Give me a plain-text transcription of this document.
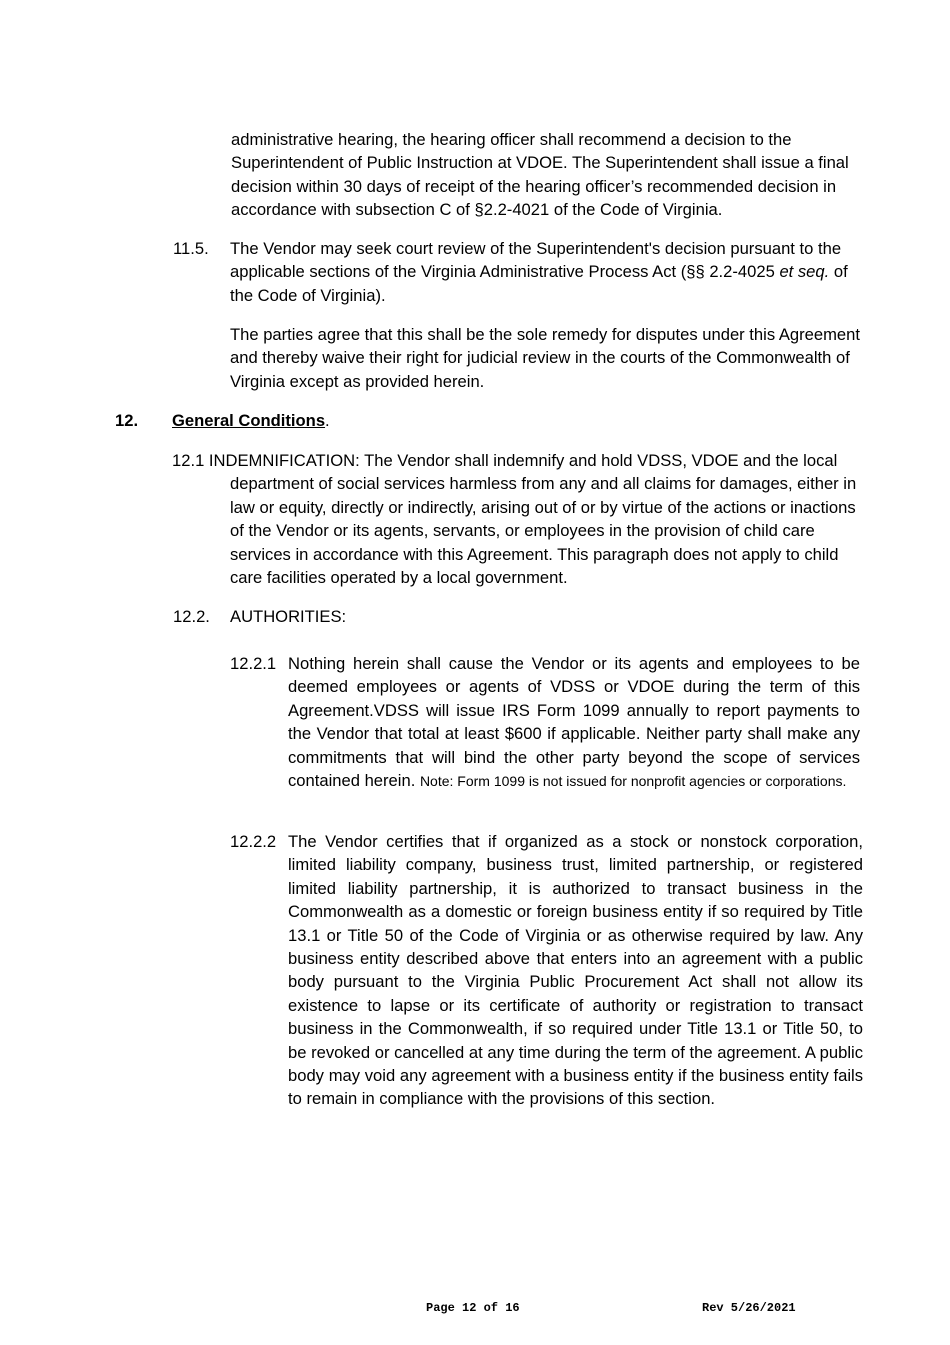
administrative hearing, the hearing officer shall recommend a decision to the Superintendent of Public Instruction at VDOE. The Superintendent shall issue a final decision within 30 days of receipt of the hearing officer’s recommended decision in accordance with subsection C of §2.2-4021 of the Code of Virginia.

11.5. The Vendor may seek court review of the Superintendent's decision pursuant to the applicable sections of the Virginia Administrative Process Act (§§ 2.2-4025 et seq. of the Code of Virginia).

The parties agree that this shall be the sole remedy for disputes under this Agreement and thereby waive their right for judicial review in the courts of the Commonwealth of Virginia except as provided herein.

12. General Conditions.

12.1 INDEMNIFICATION: The Vendor shall indemnify and hold VDSS, VDOE and the local department of social services harmless from any and all claims for damages, either in law or equity, directly or indirectly, arising out of or by virtue of the actions or inactions of the Vendor or its agents, servants, or employees in the provision of child care services in accordance with this Agreement. This paragraph does not apply to child care facilities operated by a local government.

12.2. AUTHORITIES:
12.2.1 Nothing herein shall cause the Vendor or its agents and employees to be deemed employees or agents of VDSS or VDOE during the term of this Agreement.VDSS will issue IRS Form 1099 annually to report payments to the Vendor that total at least $600 if applicable. Neither party shall make any commitments that will bind the other party beyond the scope of services contained herein. Note: Form 1099 is not issued for nonprofit agencies or corporations.

12.2.2 The Vendor certifies that if organized as a stock or nonstock corporation, limited liability company, business trust, limited partnership, or registered limited liability partnership, it is authorized to transact business in the Commonwealth as a domestic or foreign business entity if so required by Title 13.1 or Title 50 of the Code of Virginia or as otherwise required by law. Any business entity described above that enters into an agreement with a public body pursuant to the Virginia Public Procurement Act shall not allow its existence to lapse or its certificate of authority or registration to transact business in the Commonwealth, if so required under Title 13.1 or Title 50, to be revoked or cancelled at any time during the term of the agreement. A public body may void any agreement with a business entity if the business entity fails to remain in compliance with the provisions of this section.

Page 12 of 16	Rev 5/26/2021
